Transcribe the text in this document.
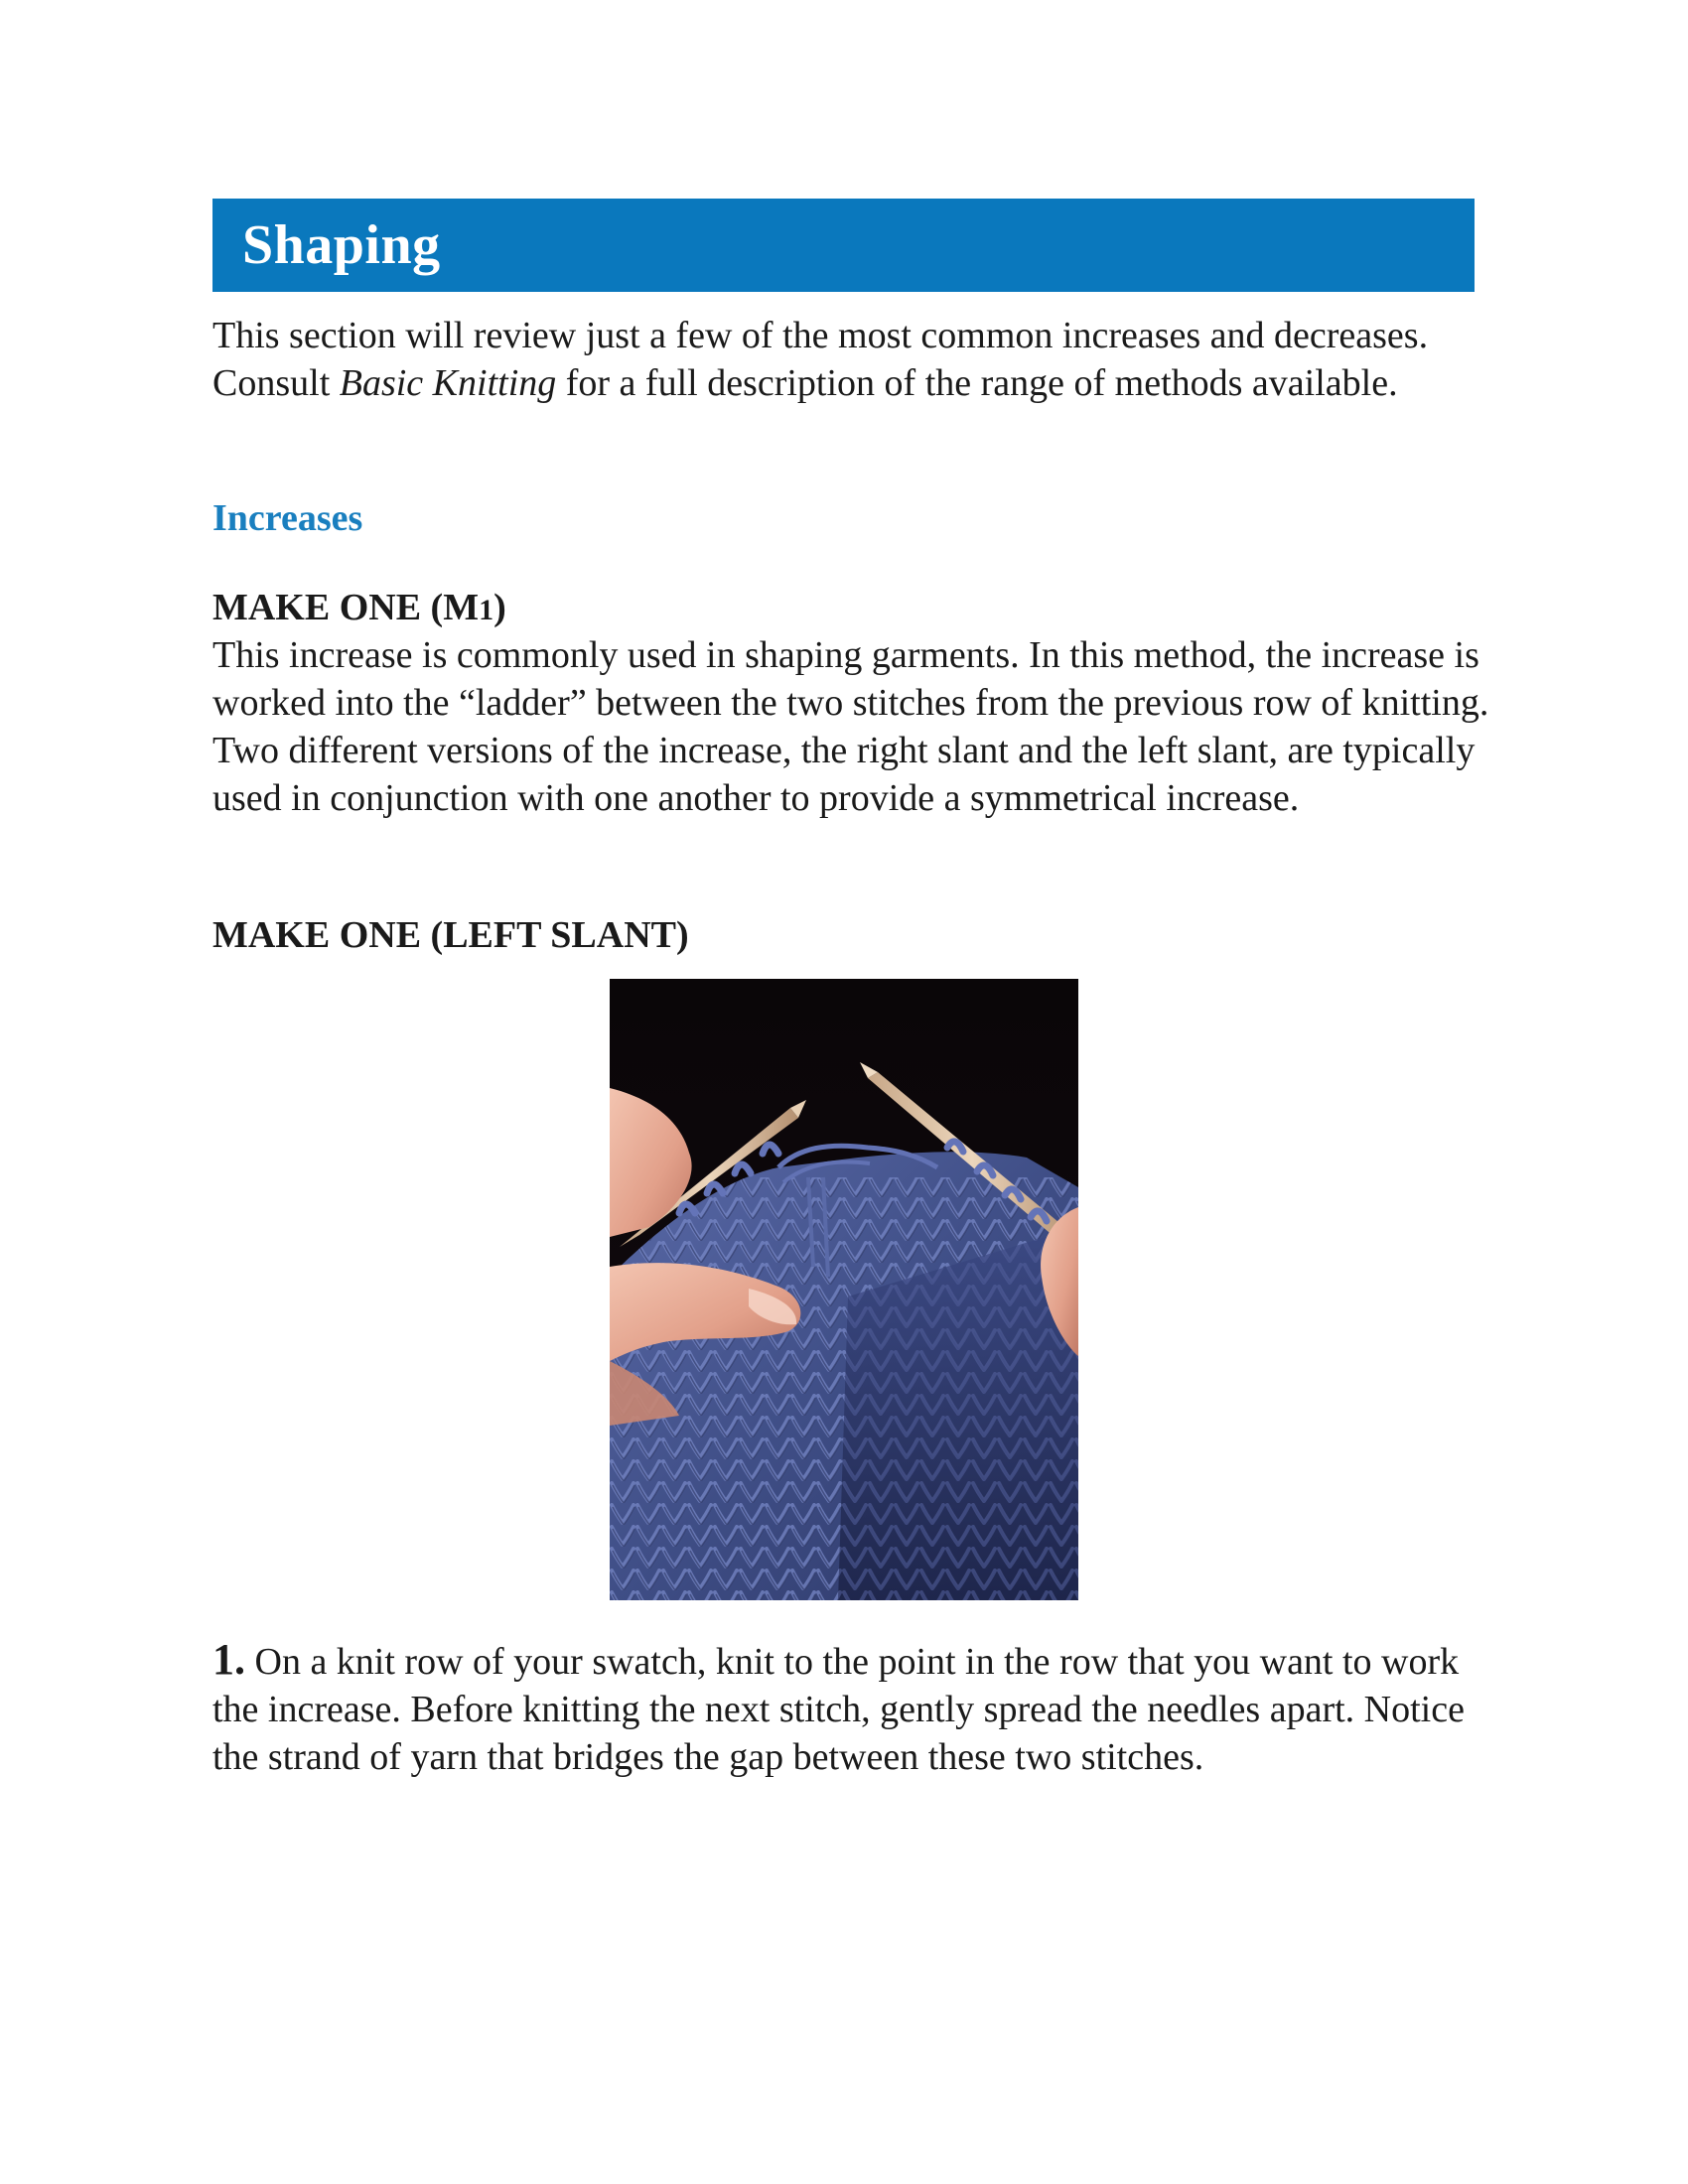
Shaping

This section will review just a few of the most common increases and decreases. Consult Basic Knitting for a full description of the range of methods available.

Increases
MAKE ONE (M1)

This increase is commonly used in shaping garments. In this method, the increase is worked into the “ladder” between the two stitches from the previous row of knitting. Two different versions of the increase, the right slant and the left slant, are typically used in conjunction with one another to provide a symmetrical increase.

MAKE ONE (LEFT SLANT)

1. On a knit row of your swatch, knit to the point in the row that you want to work the increase. Before knitting the next stitch, gently spread the needles apart. Notice the strand of yarn that bridges the gap between these two stitches.
